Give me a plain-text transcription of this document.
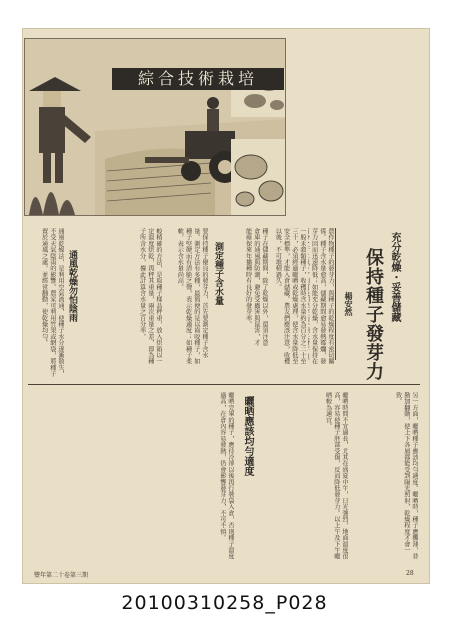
綜合技術栽培
充分乾燥・妥善儲藏
保持種子發芽力
楊安然
農作物種子的發芽力，與種子的乾燥程度有密切關係。種子含水量愈高，儲藏期間愈易發熱霉爛，發芽力因而迅速降低；如能充分乾燥，含水量保持在
一般禾穀類種子，收穫時含水量約為百分之二十至三十，必須經過曬晒或乾燥處理，使含水量降低至安全標準，才能入倉儲藏。農友們應該注意，收穫以後，不可堆積過久。
種子在儲藏期間，除了乾燥以外，還須注意倉庫的通風與防潮，避免受蟲害與鼠害，才能確保來年播種時有良好的發芽率。
測定種子含水量
要保持種子優良的發芽力，首先要測定種子含水量。測定方法有多種，最簡便的是以齒咬種子，如種子堅硬而有清脆之聲，表示乾燥適度；如種子柔軟，表示含水量尚高。
較精確的方法，是取種子樣品秤重，放入烘箱以一定溫度烘乾，再秤其重量，兩次重量之差，即為種子所含水分，據此計算含水量之百分率。
通風乾燥勿怕陰雨
通風乾燥法，是利用空氣流通，使種子水分逐漸散失，不受天氣陰雨的影響。農家可利用竹架或網袋，將種子置於通風之處，並經常翻動，使乾燥均勻。
曬晒應該均勻適度	另一方面，曬晒種子應該均勻適度。曬晒時，種子應攤薄，並勤加翻動，使上下各層都能受到陽光照射，乾燥程度才會一致。
曬晒時間不宜過長，尤其在盛夏中午，日光強烈，地面溫度很高，容易使種子胚部受傷，反而降低發芽力。以上午及下午曬晒較為適宜。
曬晒完畢的種子，應待冷卻以後再行裝袋入倉，否則種子溫度過高，在倉內容易發熱，仍會影響發芽力，不可不慎。
豐年第二十卷第三期	28
20100310258_P028
